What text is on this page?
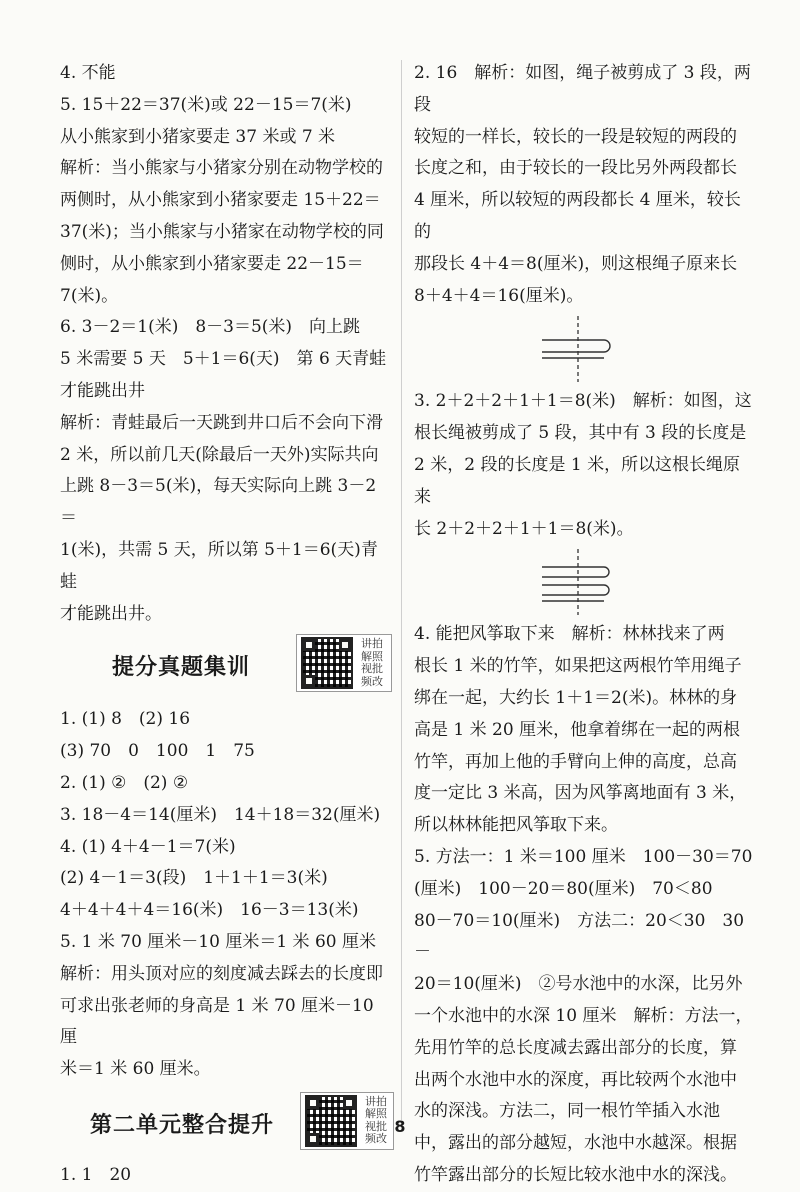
4. 不能

5. 15＋22＝37(米)或 22－15＝7(米)

从小熊家到小猪家要走 37 米或 7 米

解析：当小熊家与小猪家分别在动物学校的

两侧时，从小熊家到小猪家要走 15＋22＝

37(米)；当小熊家与小猪家在动物学校的同

侧时，从小熊家到小猪家要走 22－15＝

7(米)。

6. 3－2＝1(米)　8－3＝5(米)　向上跳

5 米需要 5 天　5＋1＝6(天)　第 6 天青蛙

才能跳出井

解析：青蛙最后一天跳到井口后不会向下滑

2 米，所以前几天(除最后一天外)实际共向

上跳 8－3＝5(米)，每天实际向上跳 3－2＝

1(米)，共需 5 天，所以第 5＋1＝6(天)青蛙

才能跳出井。

提分真题集训
讲拍解照视批频改

1. (1) 8　(2) 16

(3) 70　0　100　1　75

2. (1) ②　(2) ②

3. 18－4＝14(厘米)　14＋18＝32(厘米)

4. (1) 4＋4－1＝7(米)

(2) 4－1＝3(段)　1＋1＋1＝3(米)

4＋4＋4＋4＝16(米)　16－3＝13(米)

5. 1 米 70 厘米－10 厘米＝1 米 60 厘米

解析：用头顶对应的刻度减去踩去的长度即

可求出张老师的身高是 1 米 70 厘米－10 厘

米＝1 米 60 厘米。

第二单元整合提升
讲拍解照视批频改

1. 1　20

2. 16　解析：如图，绳子被剪成了 3 段，两段

较短的一样长，较长的一段是较短的两段的

长度之和，由于较长的一段比另外两段都长

4 厘米，所以较短的两段都长 4 厘米，较长的

那段长 4＋4＝8(厘米)，则这根绳子原来长

8＋4＋4＝16(厘米)。

3. 2＋2＋2＋1＋1＝8(米)　解析：如图，这

根长绳被剪成了 5 段，其中有 3 段的长度是

2 米，2 段的长度是 1 米，所以这根长绳原来

长 2＋2＋2＋1＋1＝8(米)。

4. 能把风筝取下来　解析：林林找来了两

根长 1 米的竹竿，如果把这两根竹竿用绳子

绑在一起，大约长 1＋1＝2(米)。林林的身

高是 1 米 20 厘米，他拿着绑在一起的两根

竹竿，再加上他的手臂向上伸的高度，总高

度一定比 3 米高，因为风筝离地面有 3 米，

所以林林能把风筝取下来。

5. 方法一：1 米＝100 厘米　100－30＝70

(厘米)　100－20＝80(厘米)　70＜80

80－70＝10(厘米)　方法二：20＜30　30－

20＝10(厘米)　②号水池中的水深，比另外

一个水池中的水深 10 厘米　解析：方法一，

先用竹竿的总长度减去露出部分的长度，算

出两个水池中水的深度，再比较两个水池中

水的深浅。方法二，同一根竹竿插入水池

中，露出的部分越短，水池中水越深。根据

竹竿露出部分的长短比较水池中水的深浅。

8
